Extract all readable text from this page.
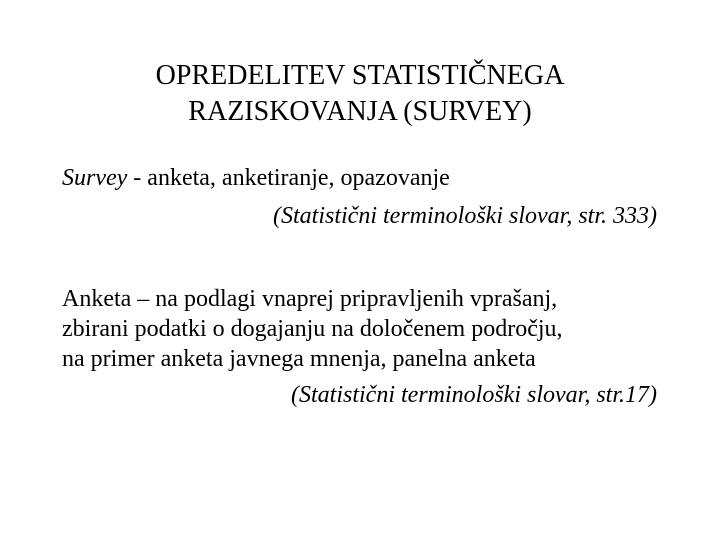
OPREDELITEV STATISTIČNEGA
RAZISKOVANJA (SURVEY)
Survey - anketa, anketiranje, opazovanje
(Statistični terminološki slovar, str. 333)
Anketa – na podlagi vnaprej pripravljenih vprašanj,
zbirani podatki o dogajanju na določenem področju,
na primer anketa javnega mnenja, panelna anketa
(Statistični terminološki slovar, str.17)
